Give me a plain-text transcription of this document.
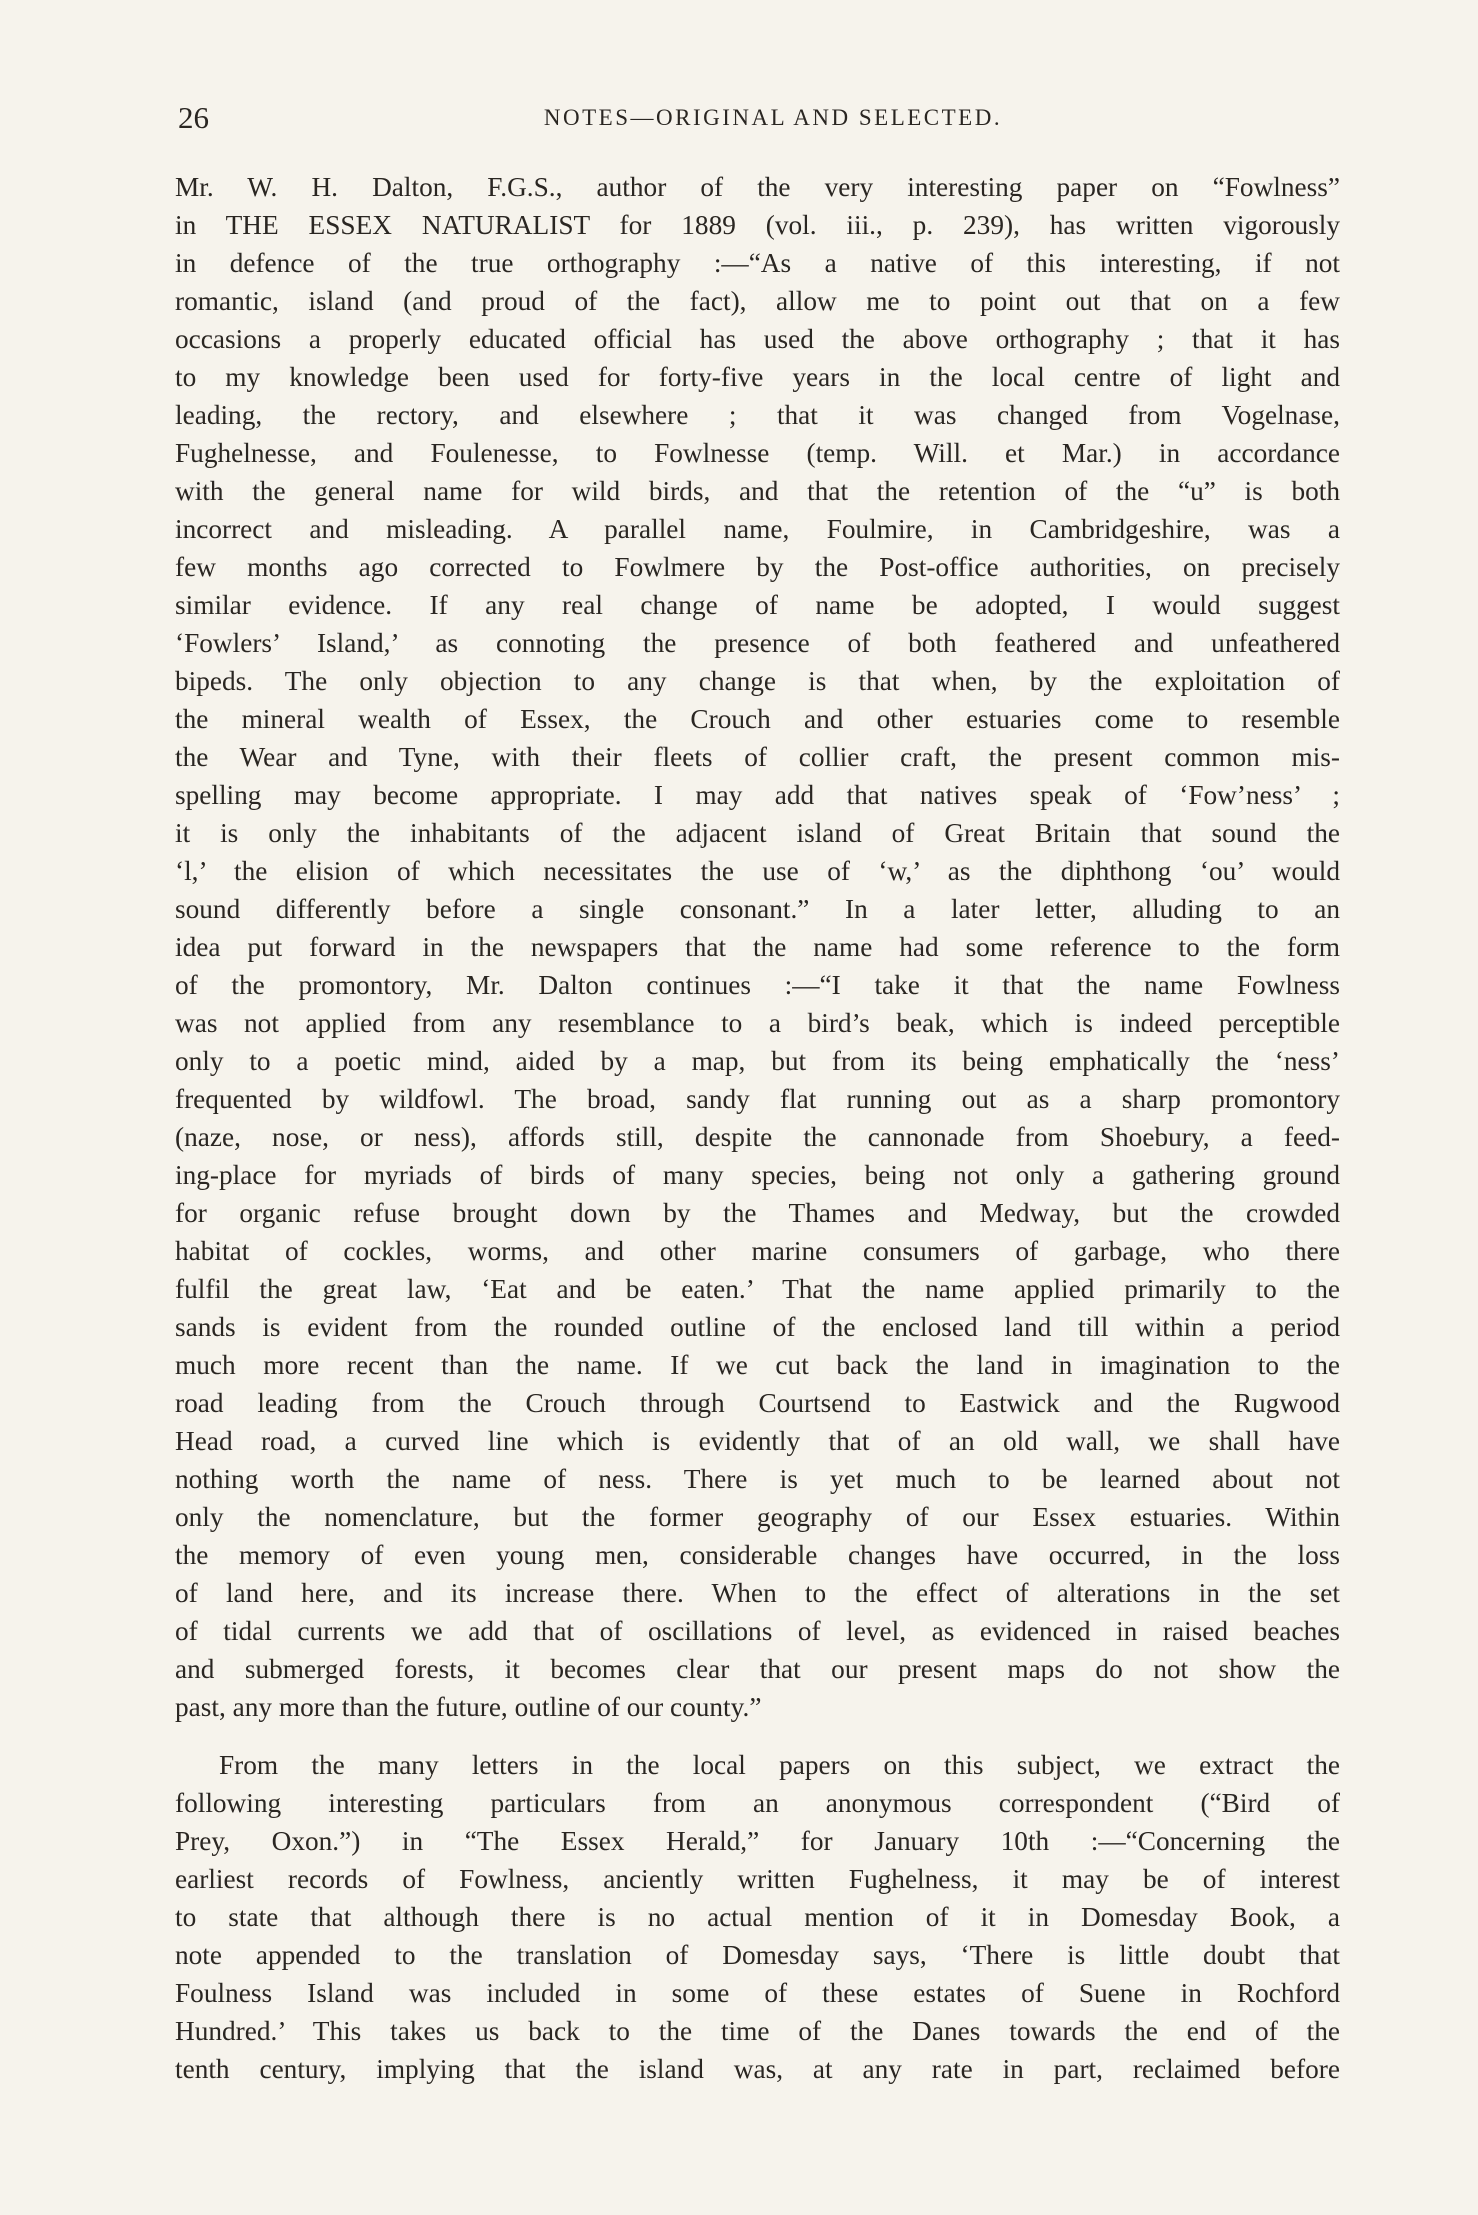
26	NOTES—ORIGINAL AND SELECTED.

Mr. W. H. Dalton, F.G.S., author of the very interesting paper on “Fowlness”
in THE ESSEX NATURALIST for 1889 (vol. iii., p. 239), has written vigorously
in defence of the true orthography :—“As a native of this interesting, if not
romantic, island (and proud of the fact), allow me to point out that on a few
occasions a properly educated official has used the above orthography ; that it has
to my knowledge been used for forty-five years in the local centre of light and
leading, the rectory, and elsewhere ; that it was changed from Vogelnase,
Fughelnesse, and Foulenesse, to Fowlnesse (temp. Will. et Mar.) in accordance
with the general name for wild birds, and that the retention of the “u” is both
incorrect and misleading. A parallel name, Foulmire, in Cambridgeshire, was a
few months ago corrected to Fowlmere by the Post-office authorities, on precisely
similar evidence. If any real change of name be adopted, I would suggest
‘Fowlers’ Island,’ as connoting the presence of both feathered and unfeathered
bipeds. The only objection to any change is that when, by the exploitation of
the mineral wealth of Essex, the Crouch and other estuaries come to resemble
the Wear and Tyne, with their fleets of collier craft, the present common mis-
spelling may become appropriate. I may add that natives speak of ‘Fow’ness’ ;
it is only the inhabitants of the adjacent island of Great Britain that sound the
‘l,’ the elision of which necessitates the use of ‘w,’ as the diphthong ‘ou’ would
sound differently before a single consonant.” In a later letter, alluding to an
idea put forward in the newspapers that the name had some reference to the form
of the promontory, Mr. Dalton continues :—“I take it that the name Fowlness
was not applied from any resemblance to a bird’s beak, which is indeed perceptible
only to a poetic mind, aided by a map, but from its being emphatically the ‘ness’
frequented by wildfowl. The broad, sandy flat running out as a sharp promontory
(naze, nose, or ness), affords still, despite the cannonade from Shoebury, a feed-
ing-place for myriads of birds of many species, being not only a gathering ground
for organic refuse brought down by the Thames and Medway, but the crowded
habitat of cockles, worms, and other marine consumers of garbage, who there
fulfil the great law, ‘Eat and be eaten.’ That the name applied primarily to the
sands is evident from the rounded outline of the enclosed land till within a period
much more recent than the name. If we cut back the land in imagination to the
road leading from the Crouch through Courtsend to Eastwick and the Rugwood
Head road, a curved line which is evidently that of an old wall, we shall have
nothing worth the name of ness. There is yet much to be learned about not
only the nomenclature, but the former geography of our Essex estuaries. Within
the memory of even young men, considerable changes have occurred, in the loss
of land here, and its increase there. When to the effect of alterations in the set
of tidal currents we add that of oscillations of level, as evidenced in raised beaches
and submerged forests, it becomes clear that our present maps do not show the
past, any more than the future, outline of our county.”

From the many letters in the local papers on this subject, we extract the
following interesting particulars from an anonymous correspondent (“Bird of
Prey, Oxon.”) in “The Essex Herald,” for January 10th :—“Concerning the
earliest records of Fowlness, anciently written Fughelness, it may be of interest
to state that although there is no actual mention of it in Domesday Book, a
note appended to the translation of Domesday says, ‘There is little doubt that
Foulness Island was included in some of these estates of Suene in Rochford
Hundred.’ This takes us back to the time of the Danes towards the end of the
tenth century, implying that the island was, at any rate in part, reclaimed before
